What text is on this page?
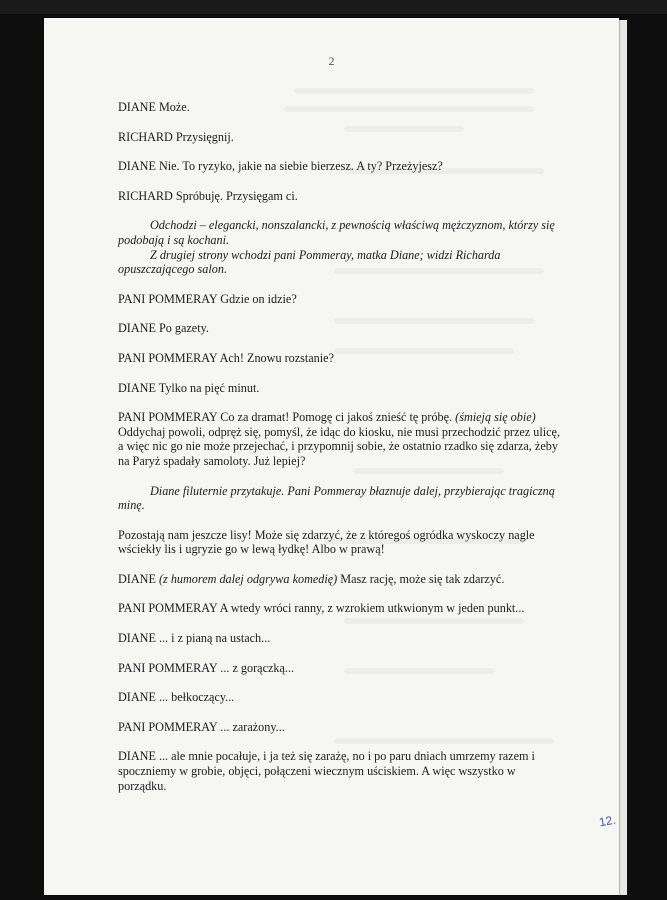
2

DIANE Może.

RICHARD Przysięgnij.

DIANE Nie. To ryzyko, jakie na siebie bierzesz. A ty? Przeżyjesz?

RICHARD Spróbuję. Przysięgam ci.

Odchodzi – elegancki, nonszalancki, z pewnością właściwą mężczyznom, którzy się podobają i są kochani.

Z drugiej strony wchodzi pani Pommeray, matka Diane; widzi Richarda opuszczającego salon.

PANI POMMERAY Gdzie on idzie?

DIANE Po gazety.

PANI POMMERAY Ach! Znowu rozstanie?

DIANE Tylko na pięć minut.

PANI POMMERAY Co za dramat! Pomogę ci jakoś znieść tę próbę. (śmieją się obie) Oddychaj powoli, odpręż się, pomyśl, że idąc do kiosku, nie musi przechodzić przez ulicę, a więc nic go nie może przejechać, i przypomnij sobie, że ostatnio rzadko się zdarza, żeby na Paryż spadały samoloty. Już lepiej?

Diane filuternie przytakuje. Pani Pommeray błaznuje dalej, przybierając tragiczną minę.

Pozostają nam jeszcze lisy! Może się zdarzyć, że z któregoś ogródka wyskoczy nagle wściekły lis i ugryzie go w lewą łydkę! Albo w prawą!

DIANE (z humorem dalej odgrywa komedię) Masz rację, może się tak zdarzyć.

PANI POMMERAY A wtedy wróci ranny, z wzrokiem utkwionym w jeden punkt...

DIANE ... i z pianą na ustach...

PANI POMMERAY ... z gorączką...

DIANE ... bełkoczący...

PANI POMMERAY ... zarażony...

DIANE ... ale mnie pocałuje, i ja też się zarażę, no i po paru dniach umrzemy razem i spoczniemy w grobie, objęci, połączeni wiecznym uściskiem. A więc wszystko w porządku.

12.
